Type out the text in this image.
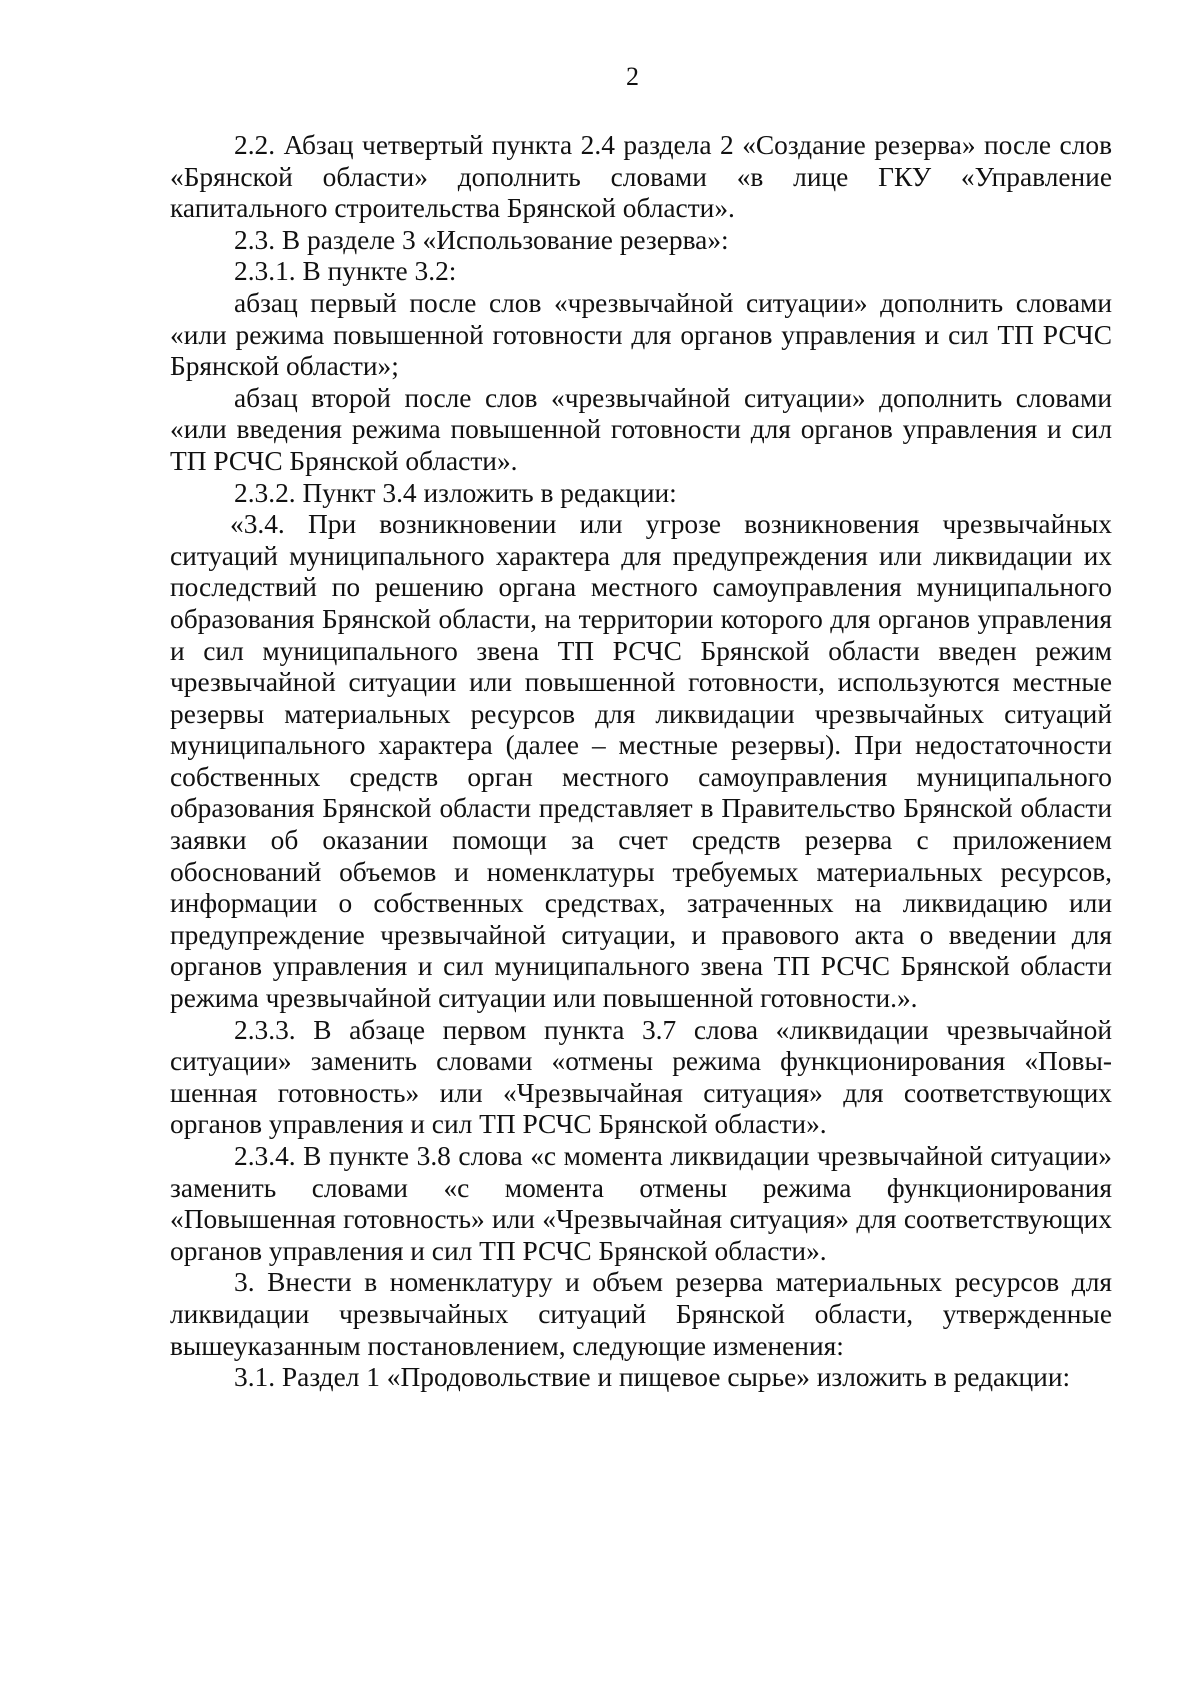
2

2.2. Абзац четвертый пункта 2.4 раздела 2 «Создание резерва» после слов «Брянской области» дополнить словами «в лице ГКУ «Управление капитального строительства Брянской области».

2.3. В разделе 3 «Использование резерва»:

2.3.1. В пункте 3.2:

абзац первый после слов «чрезвычайной ситуации» дополнить словами «или режима повышенной готовности для органов управления и сил ТП РСЧС Брянской области»;

абзац второй после слов «чрезвычайной ситуации» дополнить словами «или введения режима повышенной готовности для органов управления и сил ТП РСЧС Брянской области».

2.3.2. Пункт 3.4 изложить в редакции:

«3.4. При возникновении или угрозе возникновения чрезвычайных ситуаций муниципального характера для предупреждения или ликвидации их последствий по решению органа местного самоуправления муниципального образования Брянской области, на территории которого для органов управления и сил муниципального звена ТП РСЧС Брянской области введен режим чрезвычайной ситуации или повышенной готовности, используются местные резервы материальных ресурсов для ликвидации чрезвычайных ситуаций муниципального характера (далее – местные резервы). При недостаточности собственных средств орган местного самоуправления муниципального образования Брянской области представляет в Правительство Брянской области заявки об оказании помощи за счет средств резерва с приложением обоснований объемов и номенклатуры требуемых материальных ресурсов, информации о собственных средствах, затраченных на ликвидацию или предупреждение чрезвычайной ситуации, и правового акта о введении для органов управления и сил муниципального звена ТП РСЧС Брянской области режима чрезвычайной ситуации или повышенной готовности.».

2.3.3. В абзаце первом пункта 3.7 слова «ликвидации чрезвычайной ситуации» заменить словами «отмены режима функционирования «Повышенная готовность» или «Чрезвычайная ситуация» для соответствующих органов управления и сил ТП РСЧС Брянской области».

2.3.4. В пункте 3.8 слова «с момента ликвидации чрезвычайной ситуации» заменить словами «с момента отмены режима функционирования «Повышенная готовность» или «Чрезвычайная ситуация» для соответствующих органов управления и сил ТП РСЧС Брянской области».

3. Внести в номенклатуру и объем резерва материальных ресурсов для ликвидации чрезвычайных ситуаций Брянской области, утвержденные вышеуказанным постановлением, следующие изменения:

3.1. Раздел 1 «Продовольствие и пищевое сырье» изложить в редакции:
